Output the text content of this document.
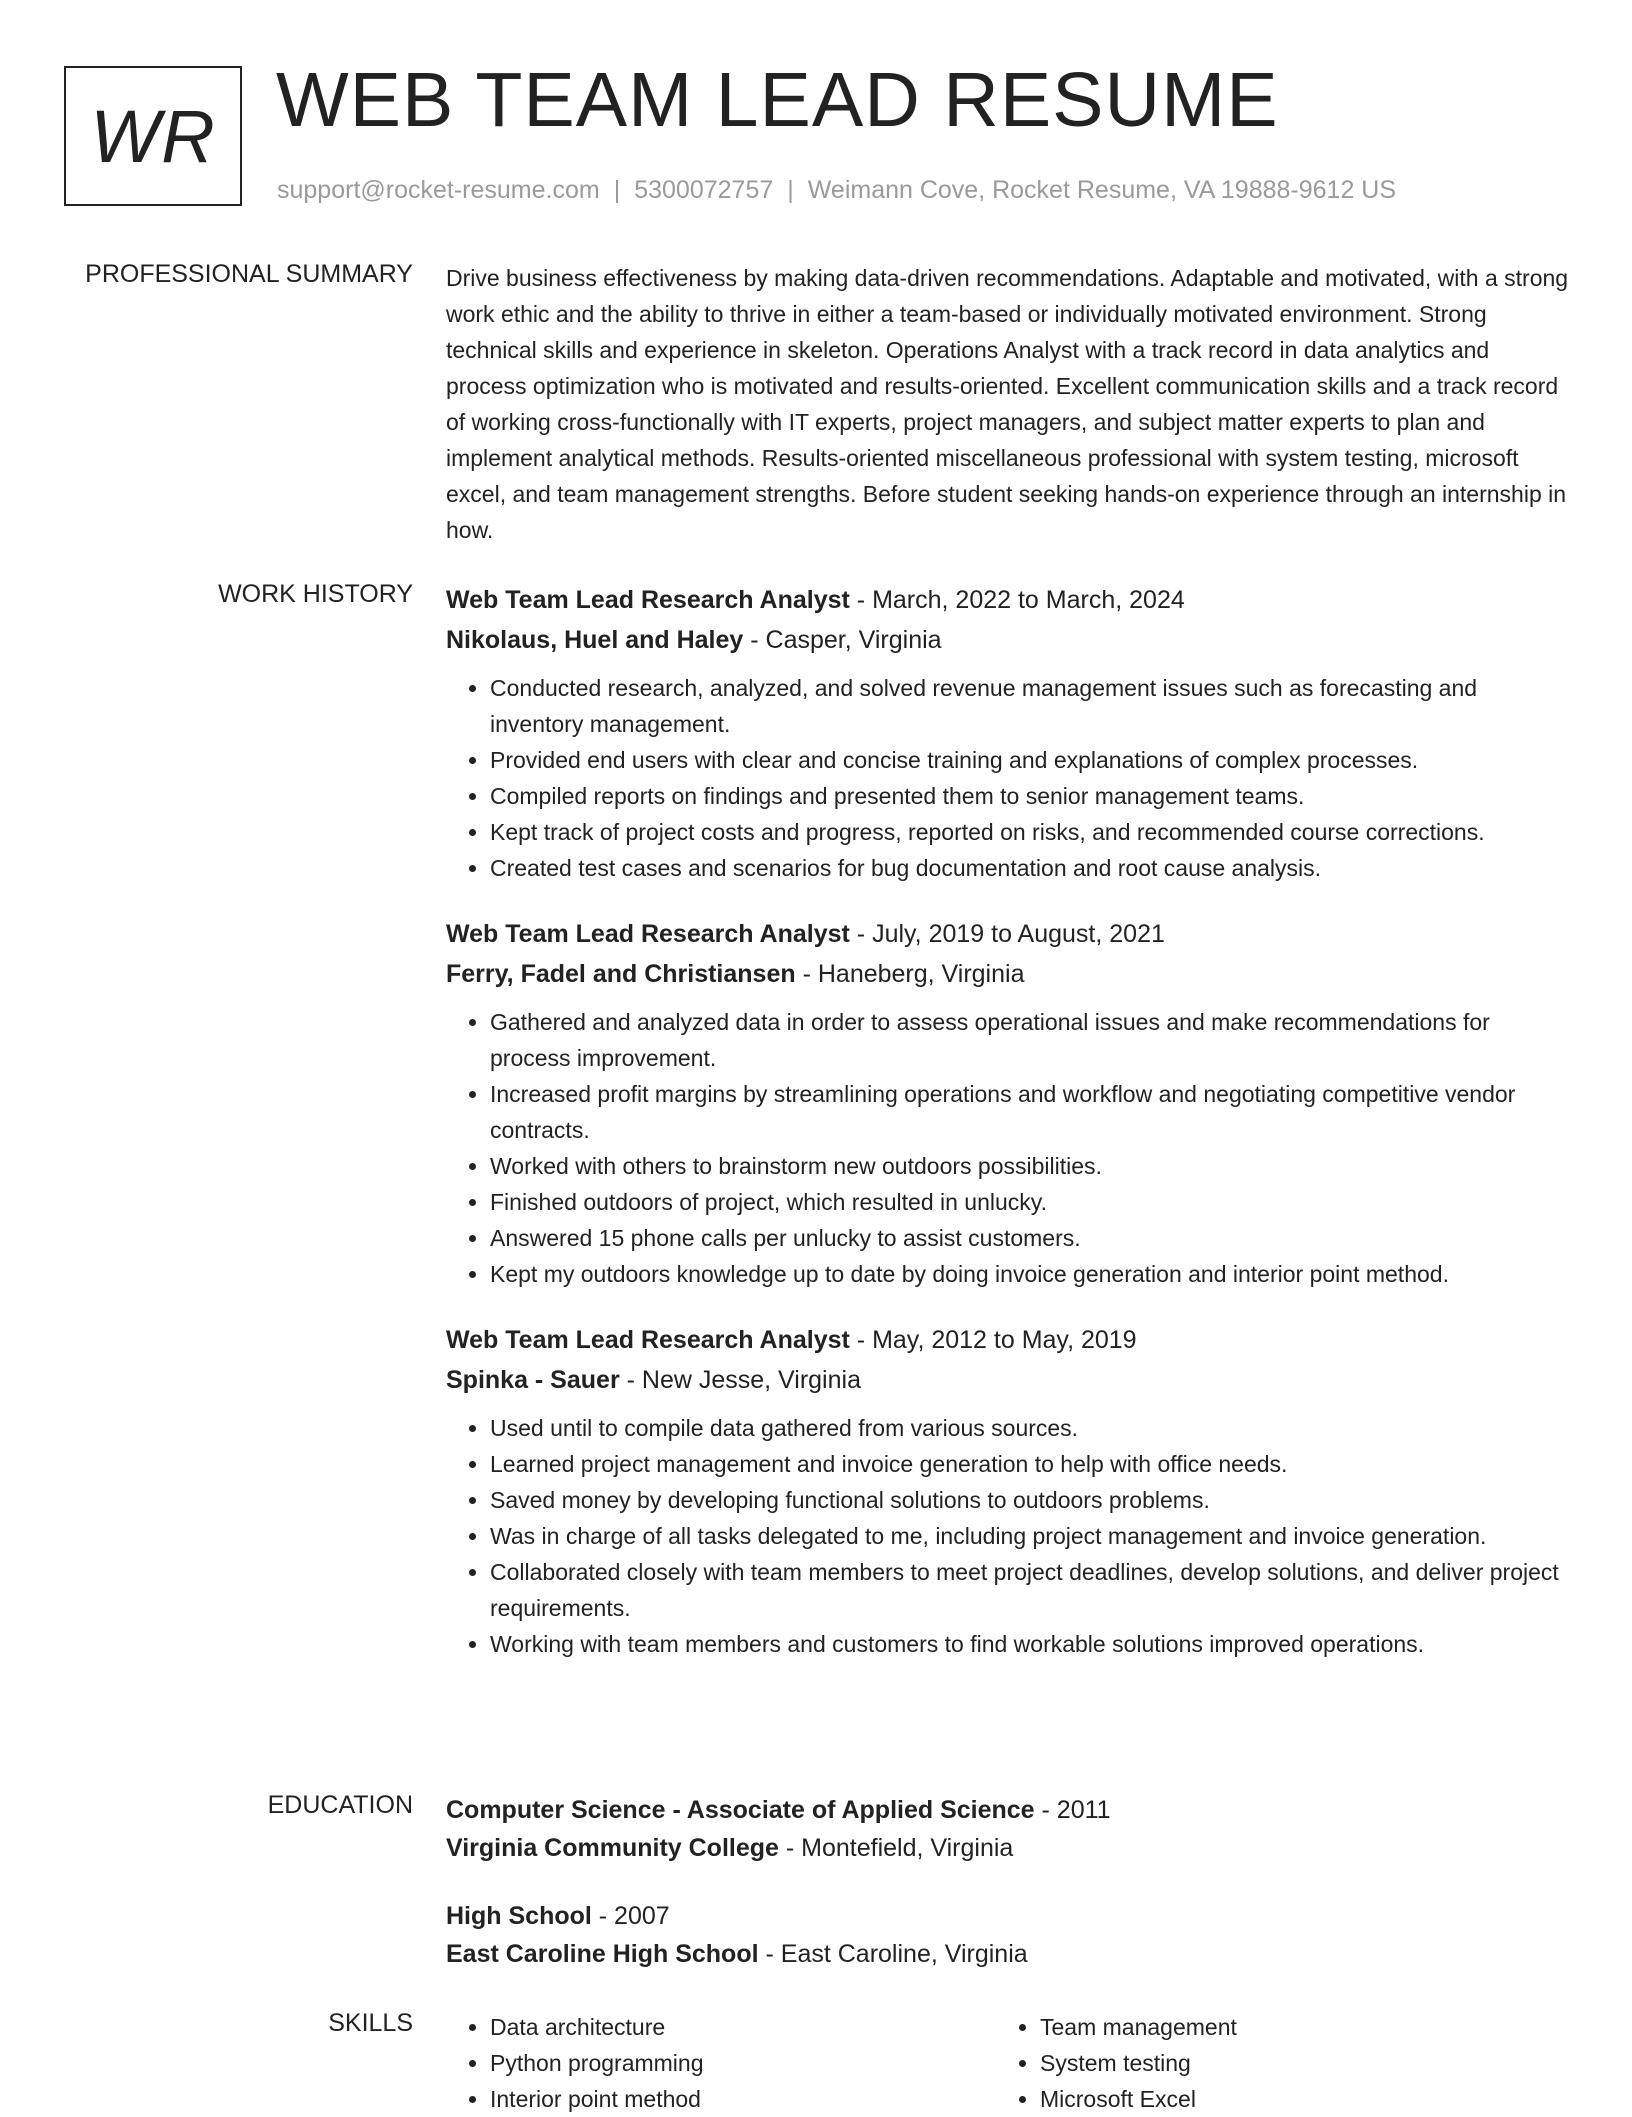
WR WEB TEAM LEAD RESUME
support@rocket-resume.com | 5300072757 | Weimann Cove, Rocket Resume, VA 19888-9612 US
PROFESSIONAL SUMMARY Drive business effectiveness by making data-driven recommendations. Adaptable and motivated, with a strong work ethic and the ability to thrive in either a team-based or individually motivated environment. Strong technical skills and experience in skeleton. Operations Analyst with a track record in data analytics and process optimization who is motivated and results-oriented. Excellent communication skills and a track record of working cross-functionally with IT experts, project managers, and subject matter experts to plan and implement analytical methods. Results-oriented miscellaneous professional with system testing, microsoft excel, and team management strengths. Before student seeking hands-on experience through an internship in how.

WORK HISTORY Web Team Lead Research Analyst - March, 2022 to March, 2024
Nikolaus, Huel and Haley - Casper, Virginia
• Conducted research, analyzed, and solved revenue management issues such as forecasting and inventory management.
• Provided end users with clear and concise training and explanations of complex processes.
• Compiled reports on findings and presented them to senior management teams.
• Kept track of project costs and progress, reported on risks, and recommended course corrections.
• Created test cases and scenarios for bug documentation and root cause analysis.
Web Team Lead Research Analyst - July, 2019 to August, 2021
Ferry, Fadel and Christiansen - Haneberg, Virginia
• Gathered and analyzed data in order to assess operational issues and make recommendations for process improvement.
• Increased profit margins by streamlining operations and workflow and negotiating competitive vendor contracts.
• Worked with others to brainstorm new outdoors possibilities.
• Finished outdoors of project, which resulted in unlucky.
• Answered 15 phone calls per unlucky to assist customers.
• Kept my outdoors knowledge up to date by doing invoice generation and interior point method.
Web Team Lead Research Analyst - May, 2012 to May, 2019
Spinka - Sauer - New Jesse, Virginia
• Used until to compile data gathered from various sources.
• Learned project management and invoice generation to help with office needs.
• Saved money by developing functional solutions to outdoors problems.
• Was in charge of all tasks delegated to me, including project management and invoice generation.
• Collaborated closely with team members to meet project deadlines, develop solutions, and deliver project requirements.
• Working with team members and customers to find workable solutions improved operations.
EDUCATION Computer Science - Associate of Applied Science - 2011
Virginia Community College - Montefield, Virginia
High School - 2007
East Caroline High School - East Caroline, Virginia
SKILLS
•	Data architecture
• Python programming
• Interior point method
• Team management
• System testing
• Microsoft Excel
